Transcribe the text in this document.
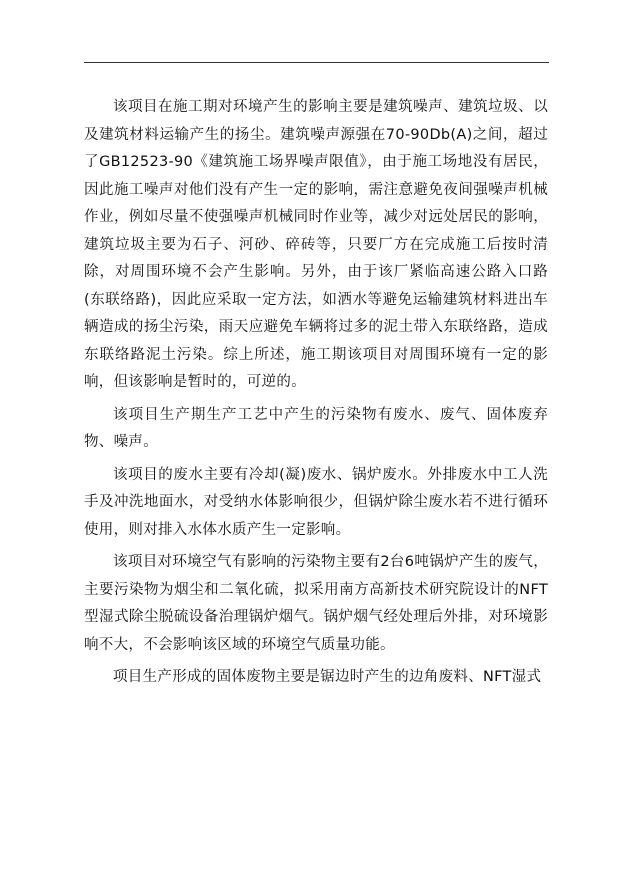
该项目在施工期对环境产生的影响主要是建筑噪声、建筑垃圾、以及建筑材料运输产生的扬尘。建筑噪声源强在70-90Db(A)之间，超过了GB12523-90《建筑施工场界噪声限值》，由于施工场地没有居民，因此施工噪声对他们没有产生一定的影响，需注意避免夜间强噪声机械作业，例如尽量不使强噪声机械同时作业等，减少对远处居民的影响，建筑垃圾主要为石子、河砂、碎砖等，只要厂方在完成施工后按时清除，对周围环境不会产生影响。另外，由于该厂紧临高速公路入口路(东联络路)，因此应采取一定方法，如洒水等避免运输建筑材料进出车辆造成的扬尘污染，雨天应避免车辆将过多的泥土带入东联络路，造成东联络路泥土污染。综上所述，施工期该项目对周围环境有一定的影响，但该影响是暂时的，可逆的。

该项目生产期生产工艺中产生的污染物有废水、废气、固体废弃物、噪声。

该项目的废水主要有冷却(凝)废水、锅炉废水。外排废水中工人洗手及冲洗地面水，对受纳水体影响很少，但锅炉除尘废水若不进行循环使用，则对排入水体水质产生一定影响。

该项目对环境空气有影响的污染物主要有2台6吨锅炉产生的废气，主要污染物为烟尘和二氧化硫，拟采用南方高新技术研究院设计的NFT型湿式除尘脱硫设备治理锅炉烟气。锅炉烟气经处理后外排，对环境影响不大，不会影响该区域的环境空气质量功能。

项目生产形成的固体废物主要是锯边时产生的边角废料、NFT湿式
